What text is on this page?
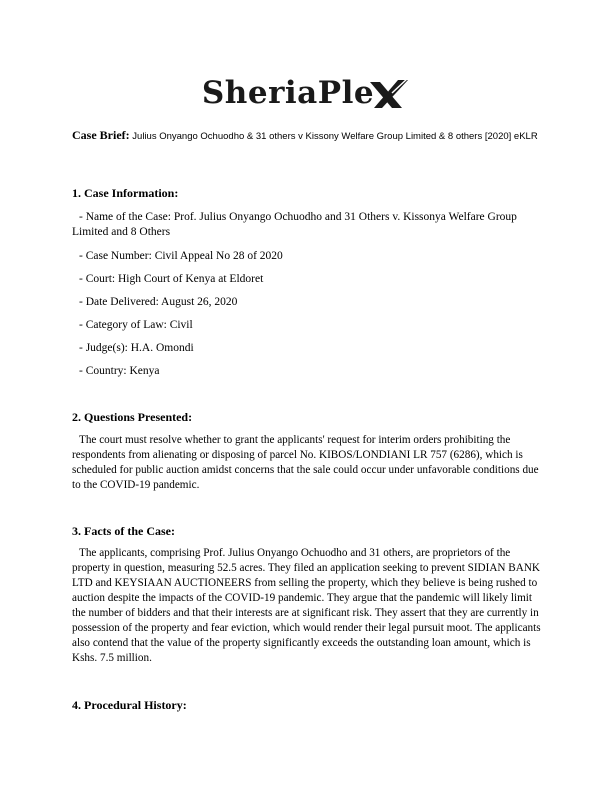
SheriaPle
Case Brief: Julius Onyango Ochuodho & 31 others v Kissony Welfare Group Limited & 8 others [2020] eKLR
1. Case Information:
- Name of the Case: Prof. Julius Onyango Ochuodho and 31 Others v. Kissonya Welfare Group Limited and 8 Others
- Case Number: Civil Appeal No 28 of 2020
- Court: High Court of Kenya at Eldoret
- Date Delivered: August 26, 2020
- Category of Law: Civil
- Judge(s): H.A. Omondi
- Country: Kenya
2. Questions Presented:
The court must resolve whether to grant the applicants' request for interim orders prohibiting the respondents from alienating or disposing of parcel No. KIBOS/LONDIANI LR 757 (6286), which is scheduled for public auction amidst concerns that the sale could occur under unfavorable conditions due to the COVID-19 pandemic.
3. Facts of the Case:
The applicants, comprising Prof. Julius Onyango Ochuodho and 31 others, are proprietors of the property in question, measuring 52.5 acres. They filed an application seeking to prevent SIDIAN BANK LTD and KEYSIAAN AUCTIONEERS from selling the property, which they believe is being rushed to auction despite the impacts of the COVID-19 pandemic. They argue that the pandemic will likely limit the number of bidders and that their interests are at significant risk. They assert that they are currently in possession of the property and fear eviction, which would render their legal pursuit moot. The applicants also contend that the value of the property significantly exceeds the outstanding loan amount, which is Kshs. 7.5 million.
4. Procedural History:
